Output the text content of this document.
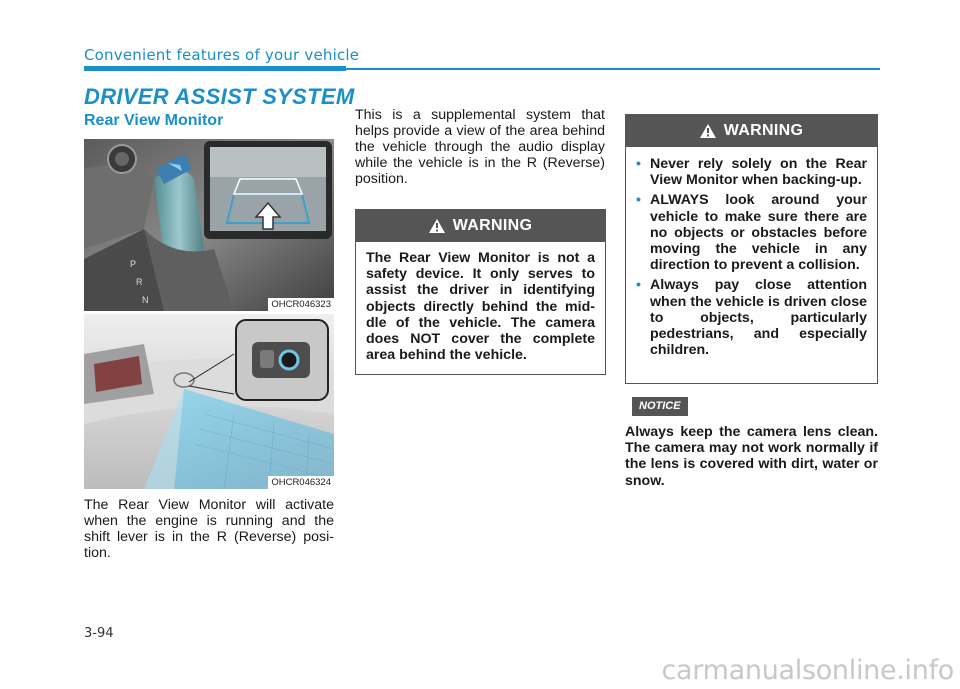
Convenient features of your vehicle
DRIVER ASSIST SYSTEM
Rear View Monitor
P
R
N	OHCR046323
OHCR046324
The Rear View Monitor will activate when the engine is running and the shift lever is in the R (Reverse) posi-tion.
This is a supplemental system that helps provide a view of the area behind the vehicle through the audio display while the vehicle is in the R (Reverse) position.
WARNING
The Rear View Monitor is not a safety device. It only serves to assist the driver in identifying objects directly behind the mid-dle of the vehicle. The camera does NOT cover the complete area behind the vehicle.
WARNING
• Never rely solely on the Rear View Monitor when backing-up.
• ALWAYS look around your vehicle to make sure there are no objects or obstacles before moving the vehicle in any direction to prevent a collision.
• Always pay close attention when the vehicle is driven close to objects, particularly pedestrians, and especially children.
NOTICE
Always keep the camera lens clean. The camera may not work normally if the lens is covered with dirt, water or snow.
3-94
carmanualsonline.info
